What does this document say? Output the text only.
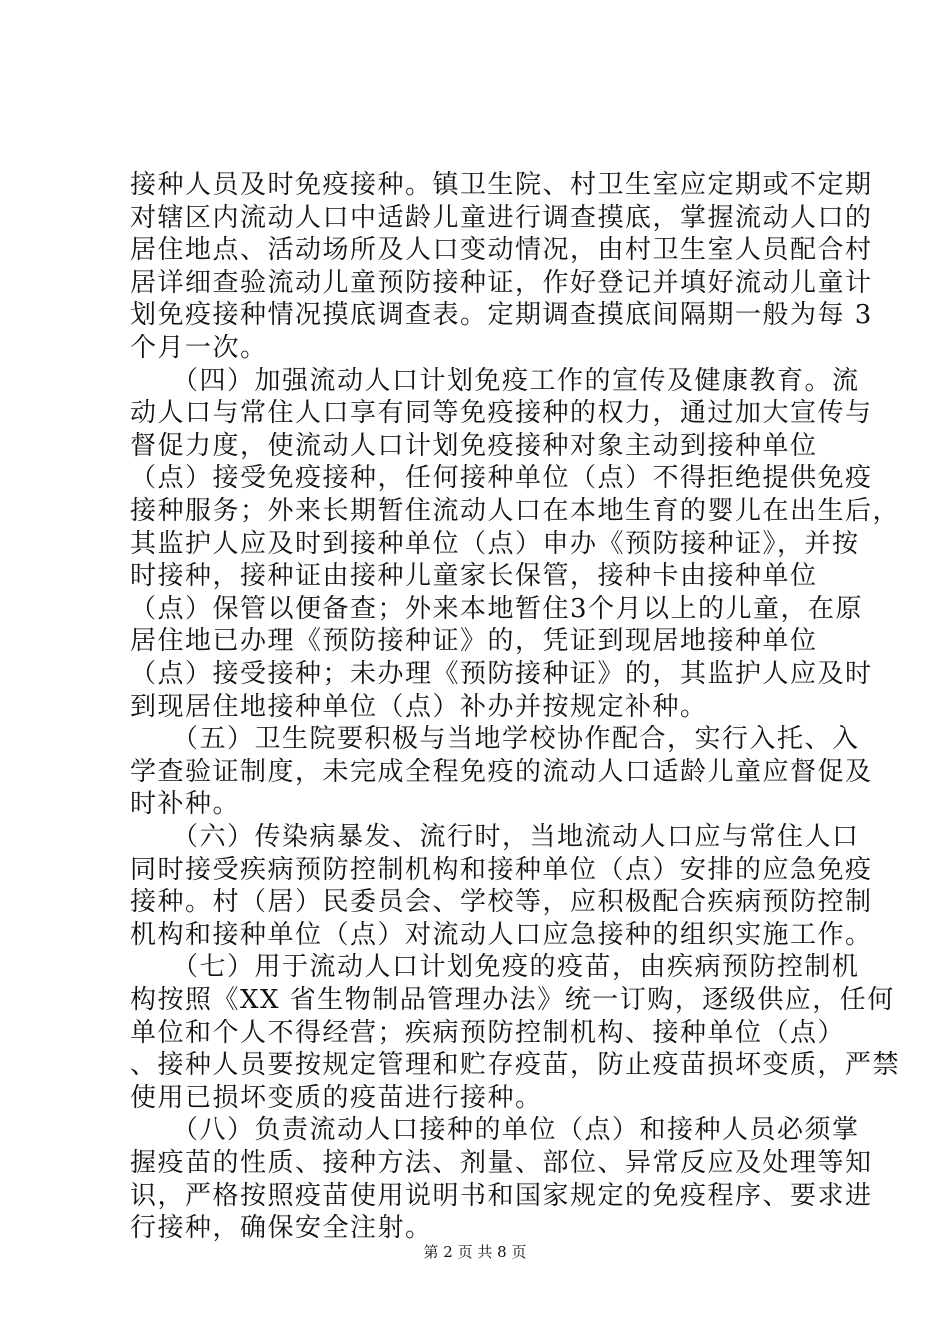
接种人员及时免疫接种。镇卫生院、村卫生室应定期或不定期
对辖区内流动人口中适龄儿童进行调查摸底，掌握流动人口的
居住地点、活动场所及人口变动情况，由村卫生室人员配合村
居详细查验流动儿童预防接种证，作好登记并填好流动儿童计
划免疫接种情况摸底调查表。定期调查摸底间隔期一般为每 3
个月一次。
　　（四）加强流动人口计划免疫工作的宣传及健康教育。流
动人口与常住人口享有同等免疫接种的权力，通过加大宣传与
督促力度，使流动人口计划免疫接种对象主动到接种单位
（点）接受免疫接种，任何接种单位（点）不得拒绝提供免疫
接种服务；外来长期暂住流动人口在本地生育的婴儿在出生后，
其监护人应及时到接种单位（点）申办《预防接种证》，并按
时接种，接种证由接种儿童家长保管，接种卡由接种单位
（点）保管以便备查；外来本地暂住3个月以上的儿童，在原
居住地已办理《预防接种证》的，凭证到现居地接种单位
（点）接受接种；未办理《预防接种证》的，其监护人应及时
到现居住地接种单位（点）补办并按规定补种。
　　（五）卫生院要积极与当地学校协作配合，实行入托、入
学查验证制度，未完成全程免疫的流动人口适龄儿童应督促及
时补种。
　　（六）传染病暴发、流行时，当地流动人口应与常住人口
同时接受疾病预防控制机构和接种单位（点）安排的应急免疫
接种。村（居）民委员会、学校等，应积极配合疾病预防控制
机构和接种单位（点）对流动人口应急接种的组织实施工作。
　　（七）用于流动人口计划免疫的疫苗，由疾病预防控制机
构按照《XX 省生物制品管理办法》统一订购，逐级供应，任何
单位和个人不得经营；疾病预防控制机构、接种单位（点）
、接种人员要按规定管理和贮存疫苗，防止疫苗损坏变质，严禁
使用已损坏变质的疫苗进行接种。
　　（八）负责流动人口接种的单位（点）和接种人员必须掌
握疫苗的性质、接种方法、剂量、部位、异常反应及处理等知
识，严格按照疫苗使用说明书和国家规定的免疫程序、要求进
行接种，确保安全注射。
第 2 页 共 8 页
